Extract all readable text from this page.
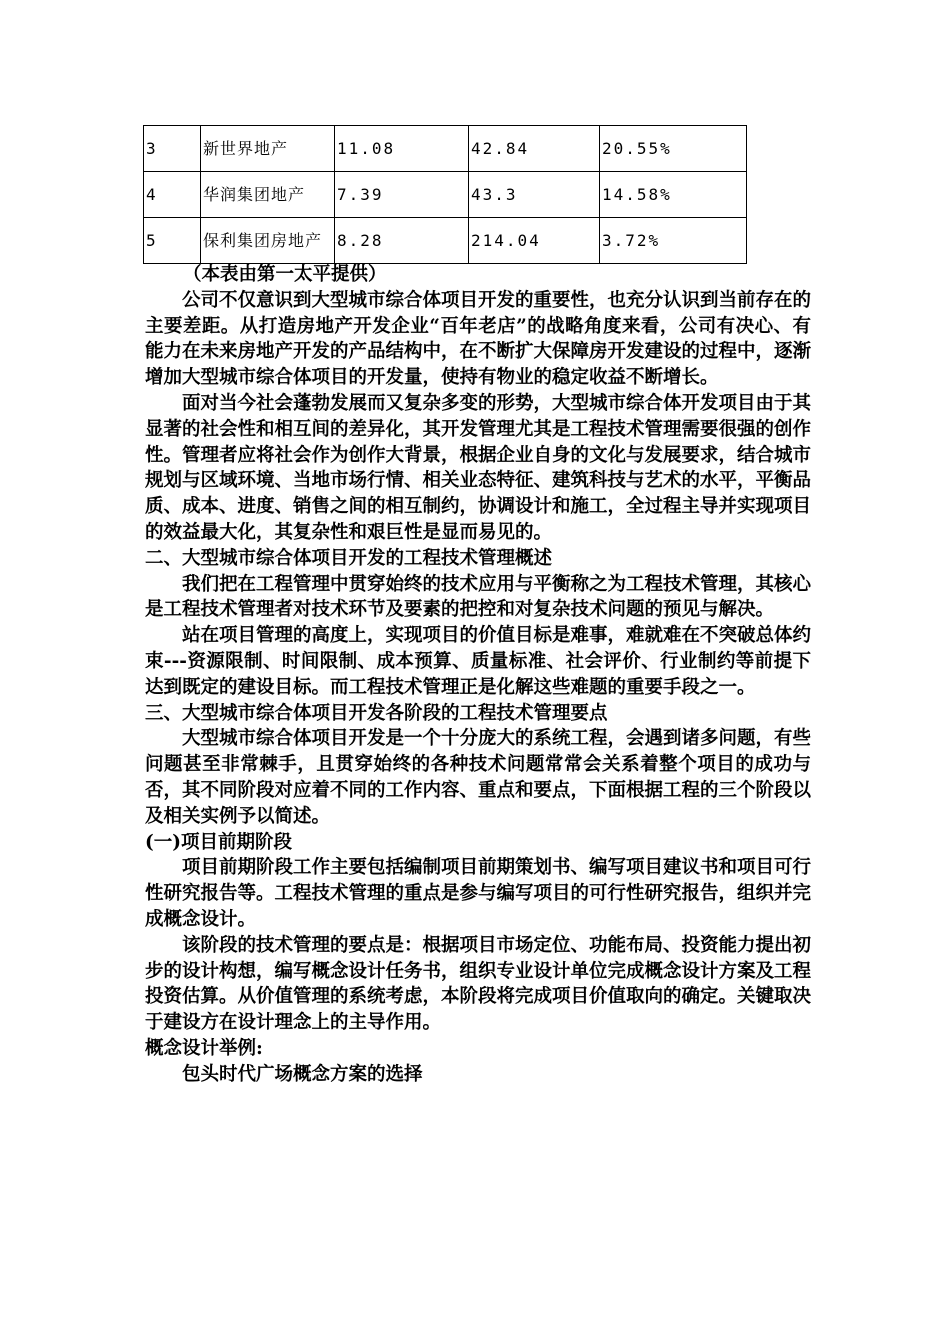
3	新世界地产	11.08	42.84	20.55%
4	华润集团地产	7.39	43.3	14.58%
5	保利集团房地产	8.28	214.04	3.72%

（本表由第一太平提供）

公司不仅意识到大型城市综合体项目开发的重要性，也充分认识到当前存在的主要差距。从打造房地产开发企业“百年老店”的战略角度来看，公司有决心、有能力在未来房地产开发的产品结构中，在不断扩大保障房开发建设的过程中，逐渐增加大型城市综合体项目的开发量，使持有物业的稳定收益不断增长。

面对当今社会蓬勃发展而又复杂多变的形势，大型城市综合体开发项目由于其显著的社会性和相互间的差异化，其开发管理尤其是工程技术管理需要很强的创作性。管理者应将社会作为创作大背景，根据企业自身的文化与发展要求，结合城市规划与区域环境、当地市场行情、相关业态特征、建筑科技与艺术的水平，平衡品质、成本、进度、销售之间的相互制约，协调设计和施工，全过程主导并实现项目的效益最大化，其复杂性和艰巨性是显而易见的。

二、大型城市综合体项目开发的工程技术管理概述

我们把在工程管理中贯穿始终的技术应用与平衡称之为工程技术管理，其核心是工程技术管理者对技术环节及要素的把控和对复杂技术问题的预见与解决。

站在项目管理的高度上，实现项目的价值目标是难事，难就难在不突破总体约束---资源限制、时间限制、成本预算、质量标准、社会评价、行业制约等前提下达到既定的建设目标。而工程技术管理正是化解这些难题的重要手段之一。

三、大型城市综合体项目开发各阶段的工程技术管理要点

大型城市综合体项目开发是一个十分庞大的系统工程，会遇到诸多问题，有些问题甚至非常棘手，且贯穿始终的各种技术问题常常会关系着整个项目的成功与否，其不同阶段对应着不同的工作内容、重点和要点，下面根据工程的三个阶段以及相关实例予以简述。

(一)项目前期阶段

项目前期阶段工作主要包括编制项目前期策划书、编写项目建议书和项目可行性研究报告等。工程技术管理的重点是参与编写项目的可行性研究报告，组织并完成概念设计。

该阶段的技术管理的要点是：根据项目市场定位、功能布局、投资能力提出初步的设计构想，编写概念设计任务书，组织专业设计单位完成概念设计方案及工程投资估算。从价值管理的系统考虑，本阶段将完成项目价值取向的确定。关键取决于建设方在设计理念上的主导作用。

概念设计举例:

包头时代广场概念方案的选择
